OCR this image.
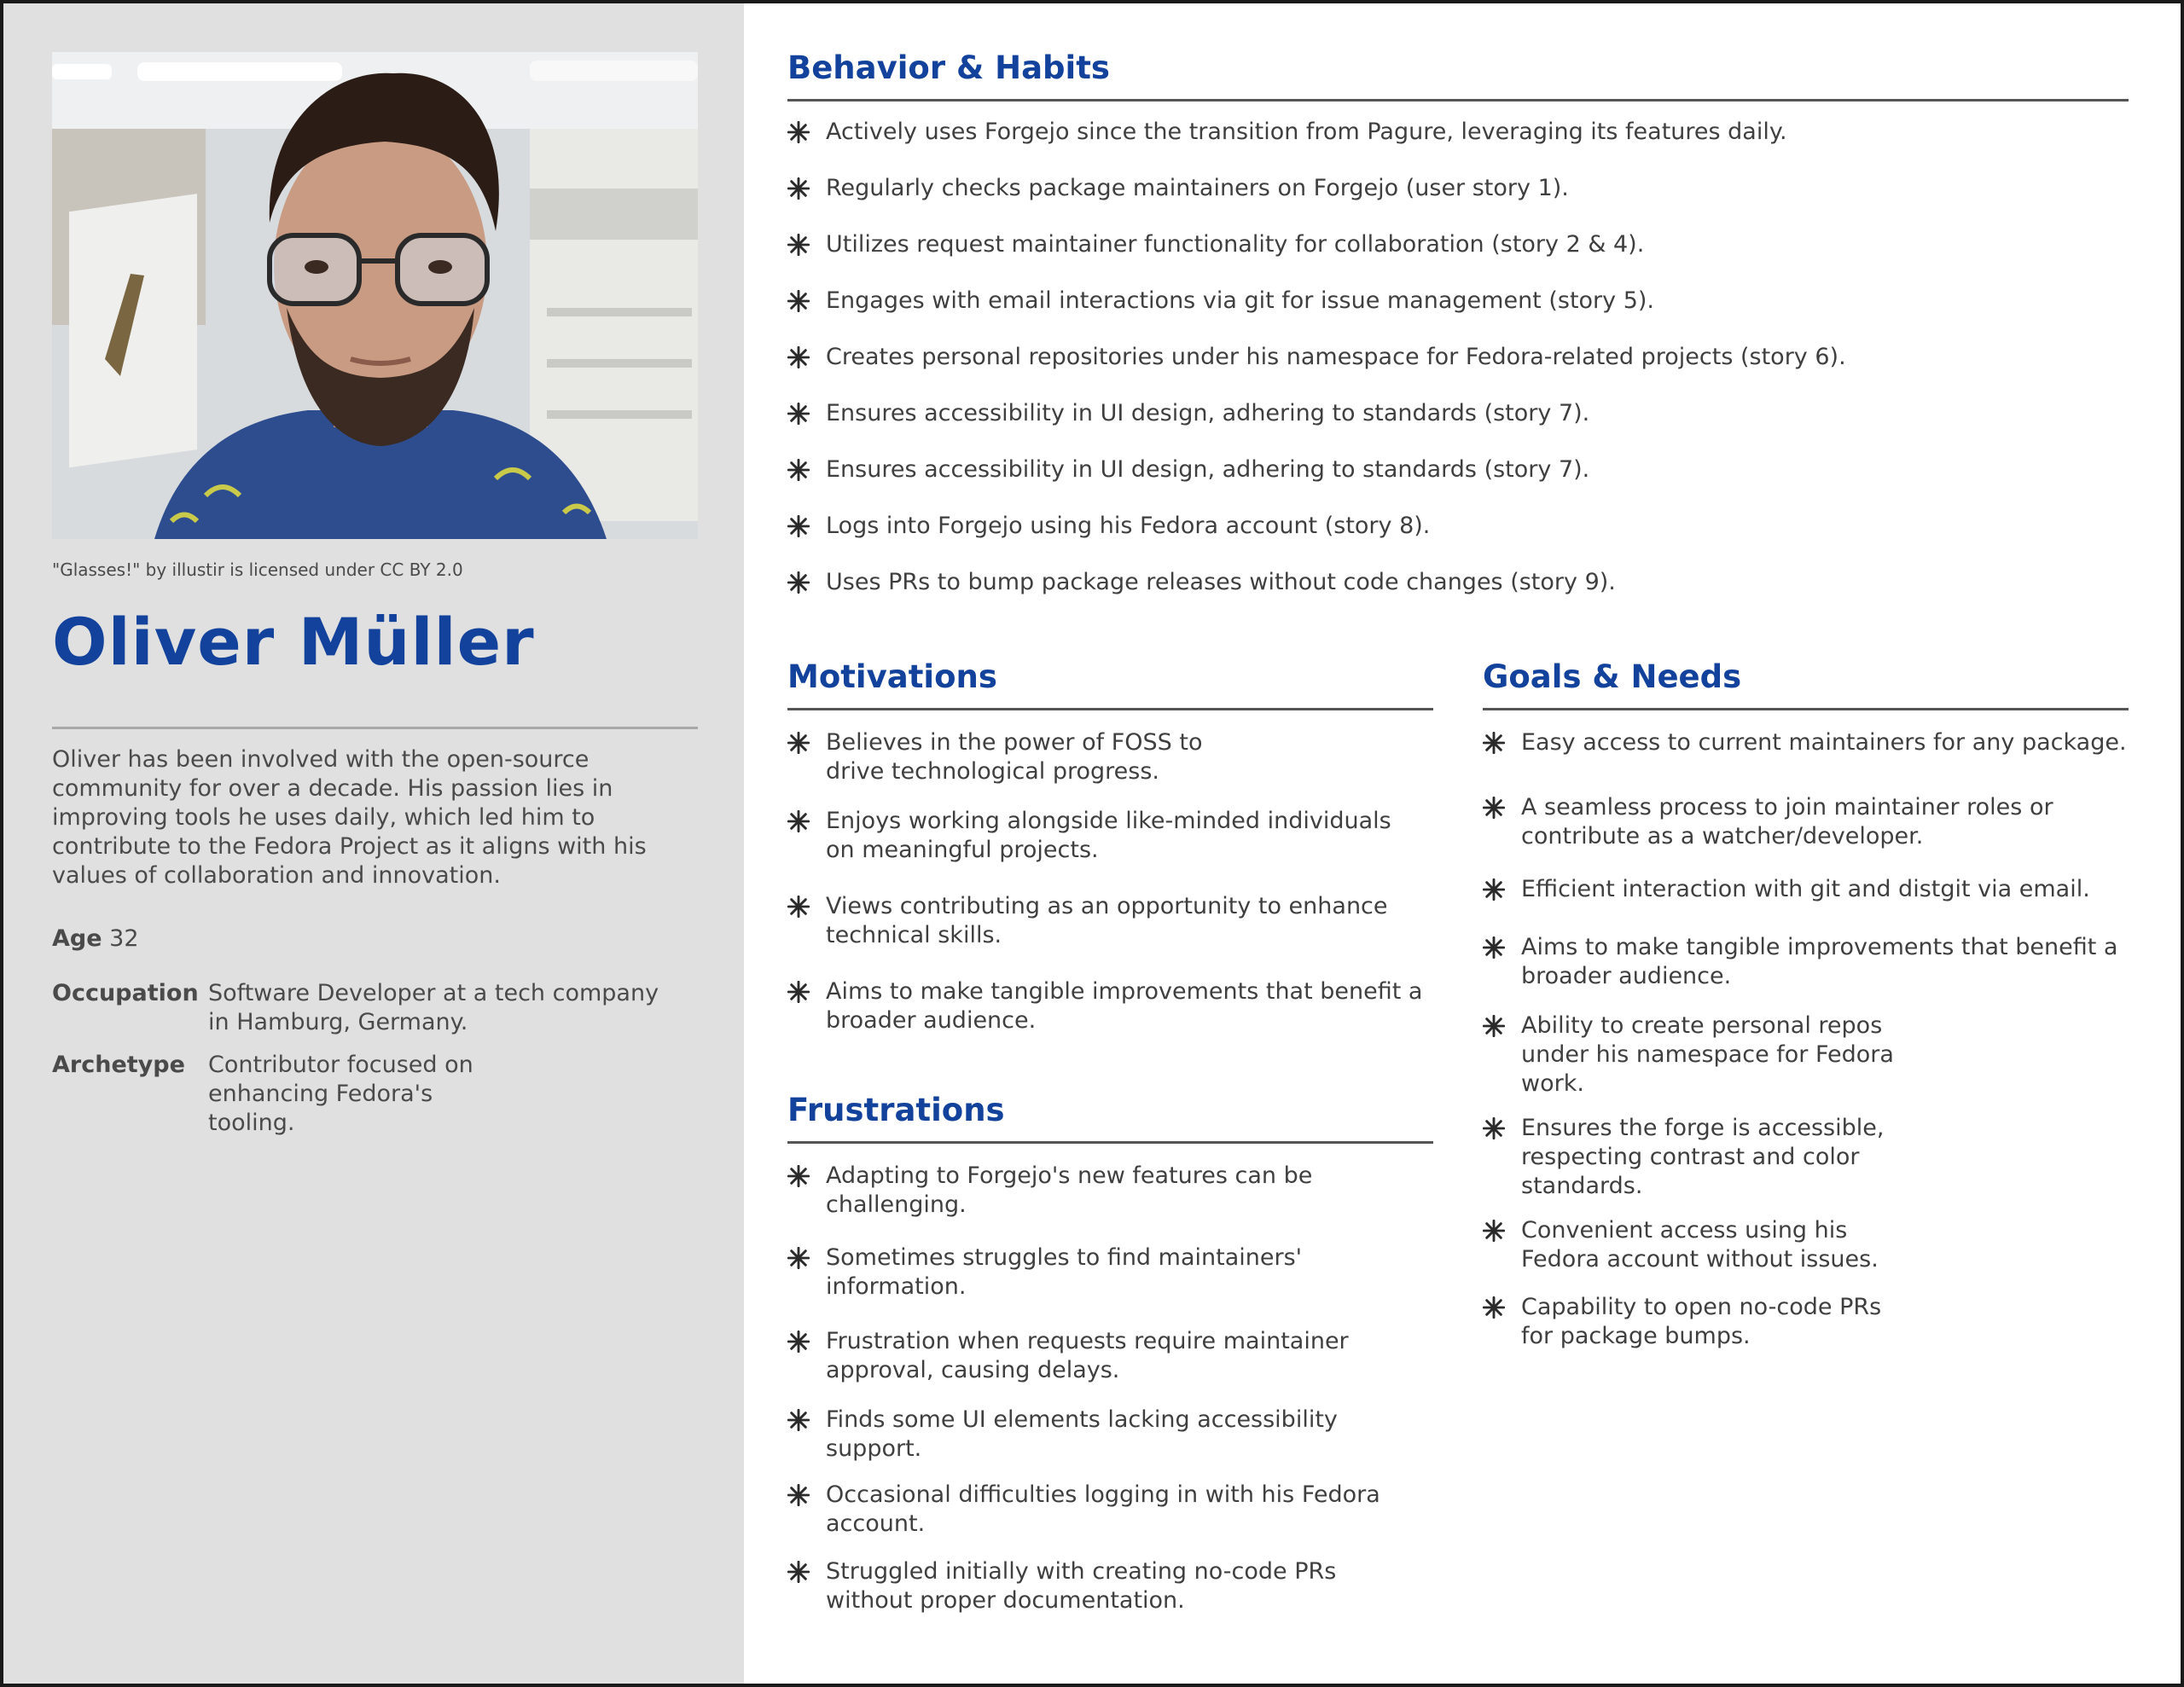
"Glasses!" by illustir is licensed under CC BY 2.0
Oliver Müller

Oliver has been involved with the open-source community for over a decade. His passion lies in improving tools he uses daily, which led him to contribute to the Fedora Project as it aligns with his values of collaboration and innovation.

Age 32
Occupation Software Developer at a tech company in Hamburg, Germany.
Archetype Contributor focused on enhancing Fedora's tooling.
Behavior & Habits
Actively uses Forgejo since the transition from Pagure, leveraging its features daily.
Regularly checks package maintainers on Forgejo (user story 1).
Utilizes request maintainer functionality for collaboration (story 2 & 4).
Engages with email interactions via git for issue management (story 5).
Creates personal repositories under his namespace for Fedora-related projects (story 6).
Ensures accessibility in UI design, adhering to standards (story 7).
Ensures accessibility in UI design, adhering to standards (story 7).
Logs into Forgejo using his Fedora account (story 8).
Uses PRs to bump package releases without code changes (story 9).
Motivations
Believes in the power of FOSS to drive technological progress.
Enjoys working alongside like-minded individuals on meaningful projects.
Views contributing as an opportunity to enhance technical skills.
Aims to make tangible improvements that benefit a broader audience.
Frustrations
Adapting to Forgejo's new features can be challenging.
Sometimes struggles to find maintainers' information.
Frustration when requests require maintainer approval, causing delays.
Finds some UI elements lacking accessibility support.
Occasional difficulties logging in with his Fedora account.
Struggled initially with creating no-code PRs without proper documentation.
Goals & Needs
Easy access to current maintainers for any package.
A seamless process to join maintainer roles or contribute as a watcher/developer.
Efficient interaction with git and distgit via email.
Aims to make tangible improvements that benefit a broader audience.
Ability to create personal repos under his namespace for Fedora work.
Ensures the forge is accessible, respecting contrast and color standards.
Convenient access using his Fedora account without issues.
Capability to open no-code PRs for package bumps.
